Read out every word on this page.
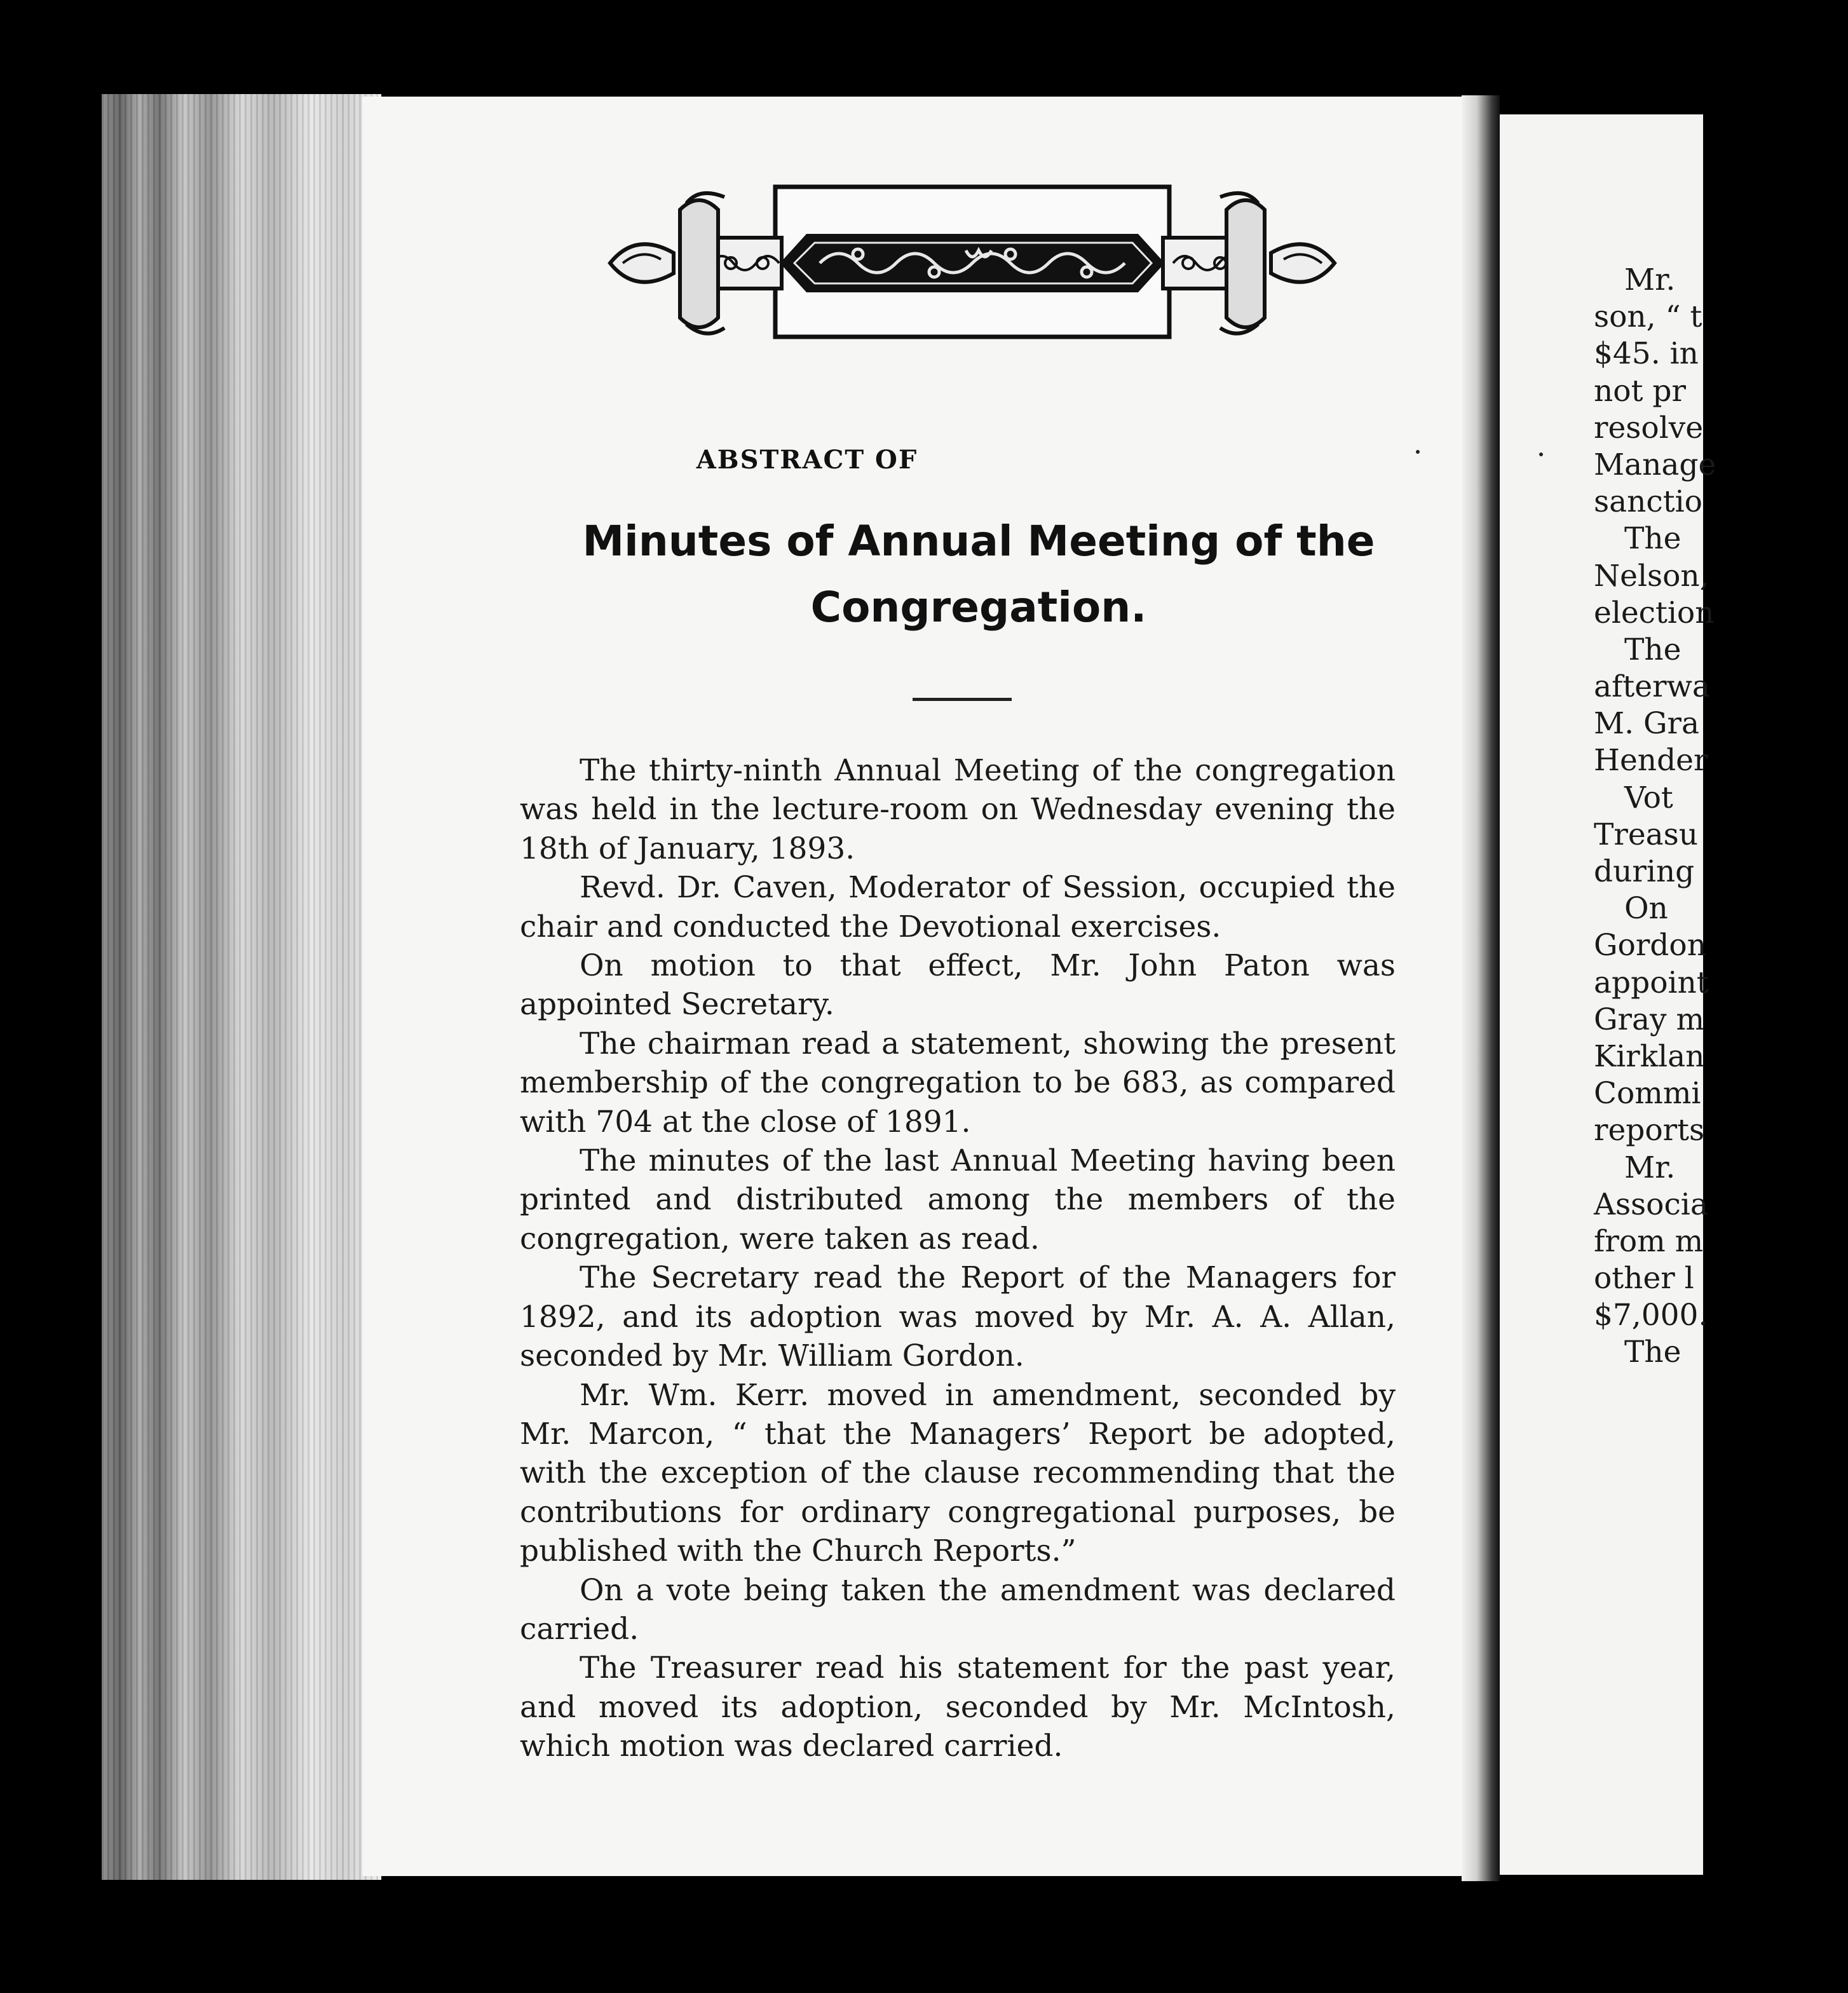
Mr.
son, “ t
$45. in
not pr
resolve
Manage
sanctio
The
Nelson,
election
The
afterwa
M. Gra
Hender
Vot
Treasu
during
On
Gordon
appoint
Gray m
Kirklan
Commi
reports
Mr.
Associa
from m
other l
$7,000.
The
ABSTRACT OF
Minutes of Annual Meeting of the
Congregation.

The thirty-ninth Annual Meeting of the congregation was held in the lecture-room on Wednesday evening the 18th of January, 1893.

Revd. Dr. Caven, Moderator of Session, occupied the chair and conducted the Devotional exercises.

On motion to that effect, Mr. John Paton was appointed Secretary.

The chairman read a statement, showing the present membership of the congregation to be 683, as compared with 704 at the close of 1891.

The minutes of the last Annual Meeting having been printed and distributed among the members of the congregation, were taken as read.

The Secretary read the Report of the Managers for 1892, and its adoption was moved by Mr. A. A. Allan, seconded by Mr. William Gordon.

Mr. Wm. Kerr. moved in amendment, seconded by Mr. Marcon, “ that the Managers’ Report be adopted, with the exception of the clause recommending that the contributions for ordinary congregational purposes, be published with the Church Reports.”

On a vote being taken the amendment was declared carried.

The Treasurer read his statement for the past year, and moved its adoption, seconded by Mr. McIntosh, which motion was declared carried.
